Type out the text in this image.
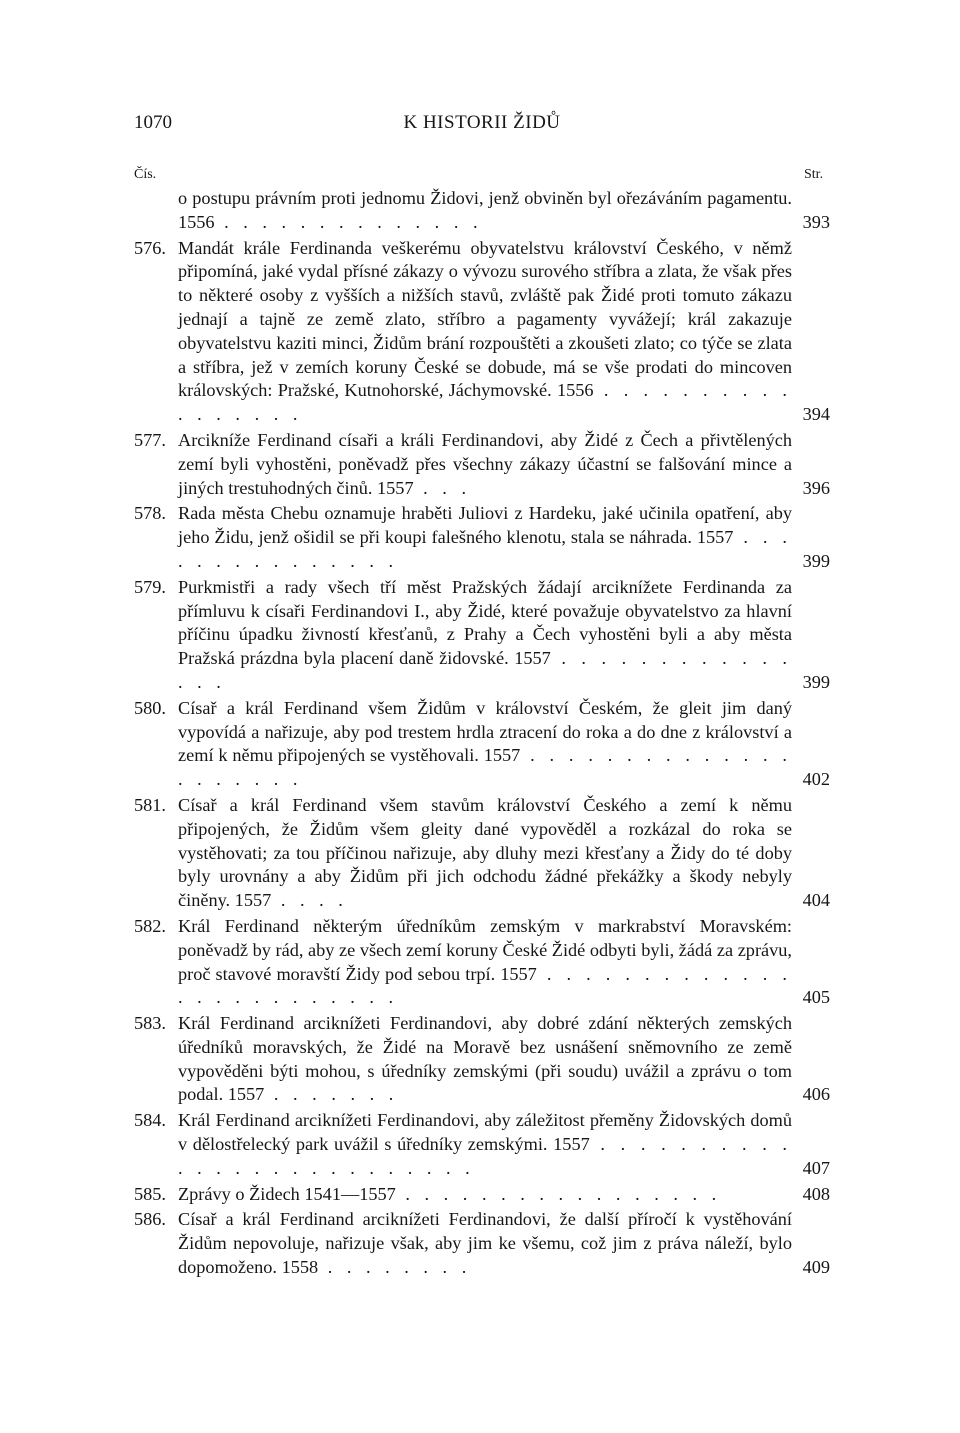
1070	K HISTORII ŽIDŮ
Čís.	Str.
o postupu právním proti jednomu Židovi, jenž obviněn byl ořezáváním pagamentu. 1556 . . . . . . . . . . . . . .	393
576. Mandát krále Ferdinanda veškerému obyvatelstvu království Českého, v němž připomíná, jaké vydal přísné zákazy o vývozu surového stříbra a zlata, že však přes to některé osoby z vyšších a nižších stavů, zvláště pak Židé proti tomuto zákazu jednají a tajně ze země zlato, stříbro a pagamenty vyvážejí; král zakazuje obyvatelstvu kaziti minci, Židům brání rozpouštěti a zkoušeti zlato; co týče se zlata a stříbra, jež v zemích koruny České se dobude, má se vše prodati do mincoven královských: Pražské, Kutnohorské, Jáchymovské. 1556 . . . . . . . . . . . . . . . . .	394
577. Arcikníže Ferdinand císaři a králi Ferdinandovi, aby Židé z Čech a přivtělených zemí byli vyhostěni, poněvadž přes všechny zákazy účastní se falšování mince a jiných trestuhodných činů. 1557 . . .	396
578. Rada města Chebu oznamuje hraběti Juliovi z Hardeku, jaké učinila opatření, aby jeho Židu, jenž ošidil se při koupi falešného klenotu, stala se náhrada. 1557 . . . . . . . . . . . . . . .	399
579. Purkmistři a rady všech tří měst Pražských žádají arciknížete Ferdinanda za přímluvu k císaři Ferdinandovi I., aby Židé, které považuje obyvatelstvo za hlavní příčinu úpadku živností křesťanů, z Prahy a Čech vyhostěni byli a aby města Pražská prázdna byla placení daně židovské. 1557 . . . . . . . . . . . . . . .	399
580. Císař a král Ferdinand všem Židům v království Českém, že gleit jim daný vypovídá a nařizuje, aby pod trestem hrdla ztracení do roka a do dne z království a zemí k němu připojených se vystěhovali. 1557 . . . . . . . . . . . . . . . . . . . . .	402
581. Císař a král Ferdinand všem stavům království Českého a zemí k němu připojených, že Židům všem gleity dané vypověděl a rozkázal do roka se vystěhovati; za tou příčinou nařizuje, aby dluhy mezi křesťany a Židy do té doby byly urovnány a aby Židům při jich odchodu žádné překážky a škody nebyly činěny. 1557 . . . .	404
582. Král Ferdinand některým úředníkům zemským v markrabství Moravském: poněvadž by rád, aby ze všech zemí koruny České Židé odbyti byli, žádá za zprávu, proč stavové moravští Židy pod sebou trpí. 1557 . . . . . . . . . . . . . . . . . . . . . . . . .	405
583. Král Ferdinand arciknížeti Ferdinandovi, aby dobré zdání některých zemských úředníků moravských, že Židé na Moravě bez usnášení sněmovního ze země vypověděni býti mohou, s úředníky zemskými (při soudu) uvážil a zprávu o tom podal. 1557 . . . . . . .	406
584. Král Ferdinand arciknížeti Ferdinandovi, aby záležitost přeměny Židovských domů v dělostřelecký park uvážil s úředníky zemskými. 1557 . . . . . . . . . . . . . . . . . . . . . . . . . .	407
585. Zprávy o Židech 1541—1557 . . . . . . . . . . . . . . . . .	408
586. Císař a král Ferdinand arciknížeti Ferdinandovi, že další příročí k vystěhování Židům nepovoluje, nařizuje však, aby jim ke všemu, což jim z práva náleží, bylo dopomoženo. 1558 . . . . . . . .	409
